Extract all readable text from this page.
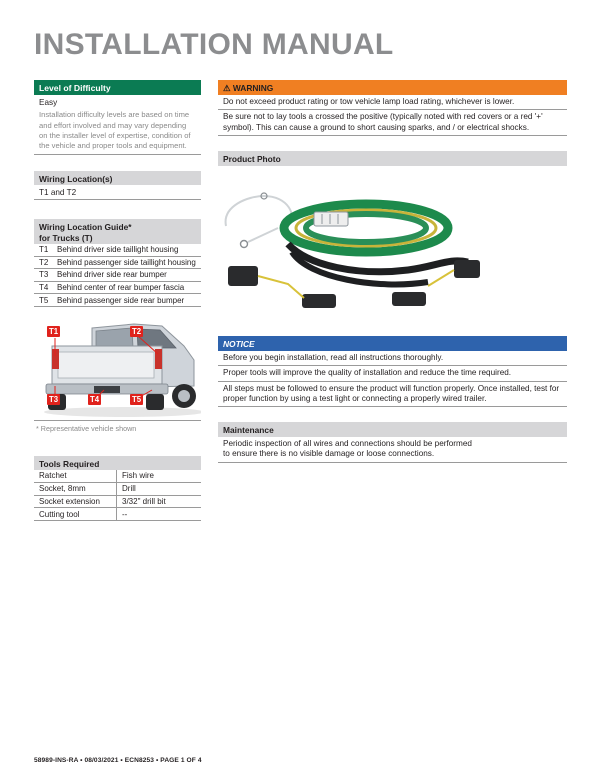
INSTALLATION MANUAL
Level of Difficulty
Easy
Installation difficulty levels are based on time and effort involved and may vary depending on the installer level of expertise, condition of the vehicle and proper tools and equipment.
Wiring Location(s)
T1 and T2
Wiring Location Guide*
for Trucks (T)
T1	Behind driver side taillight housing
T2	Behind passenger side taillight housing
T3	Behind driver side rear bumper
T4	Behind center of rear bumper fascia
T5	Behind passenger side rear bumper
T1	T2
T3	T4	T5
* Representative vehicle shown
Tools Required
Ratchet	Fish wire
Socket, 8mm	Drill
Socket extension	3/32" drill bit
Cutting tool	--
⚠ WARNING
Do not exceed product rating or tow vehicle lamp load rating, whichever is lower.
Be sure not to lay tools a crossed the positive (typically noted with red covers or a red '+' symbol). This can cause a ground to short causing sparks, and / or electrical shocks.
Product Photo
NOTICE
Before you begin installation, read all instructions thoroughly.
Proper tools will improve the quality of installation and reduce the time required.
All steps must be followed to ensure the product will function properly. Once installed, test for proper function by using a test light or connecting a properly wired trailer.
Maintenance
Periodic inspection of all wires and connections should be performed to ensure there is no visible damage or loose connections.
58989-INS-RA • 08/03/2021 • ECN8253 • PAGE 1 OF 4
